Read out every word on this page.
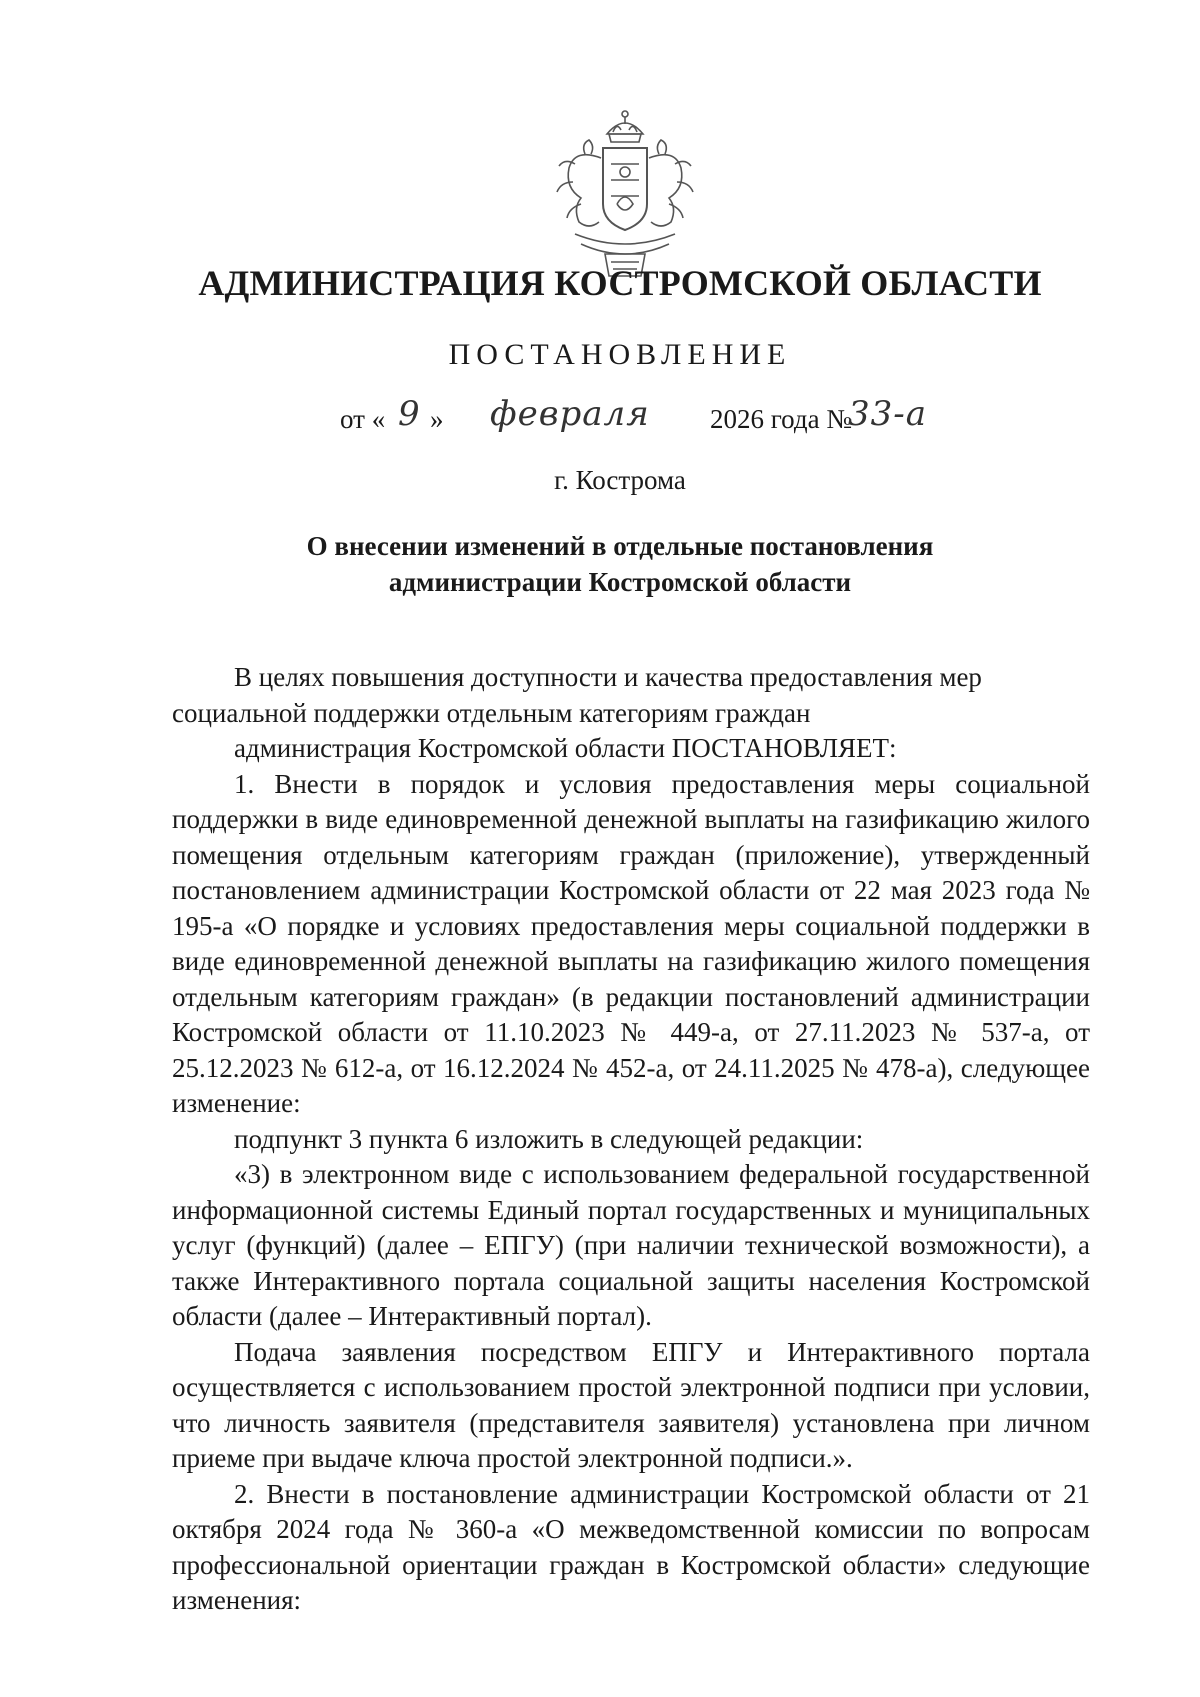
АДМИНИСТРАЦИЯ КОСТРОМСКОЙ ОБЛАСТИ
ПОСТАНОВЛЕНИЕ
от « 9 » февраля 2026 года №
33-а
г. Кострома
О внесении изменений в отдельные постановления
администрации Костромской области

В целях повышения доступности и качества предоставления мер социальной поддержки отдельным категориям граждан

администрация Костромской области ПОСТАНОВЛЯЕТ:

1. Внести в порядок и условия предоставления меры социальной поддержки в виде единовременной денежной выплаты на газификацию жилого помещения отдельным категориям граждан (приложение), утвержденный постановлением администрации Костромской области от 22 мая 2023 года № 195-а «О порядке и условиях предоставления меры социальной поддержки в виде единовременной денежной выплаты на газификацию жилого помещения отдельным категориям граждан» (в редакции постановлений администрации Костромской области от 11.10.2023 № 449-а, от 27.11.2023 № 537-а, от 25.12.2023 № 612-а, от 16.12.2024 № 452-а, от 24.11.2025 № 478-а), следующее изменение:

подпункт 3 пункта 6 изложить в следующей редакции:

«3) в электронном виде с использованием федеральной государственной информационной системы Единый портал государственных и муниципальных услуг (функций) (далее – ЕПГУ) (при наличии технической возможности), а также Интерактивного портала социальной защиты населения Костромской области (далее – Интерактивный портал).

Подача заявления посредством ЕПГУ и Интерактивного портала осуществляется с использованием простой электронной подписи при условии, что личность заявителя (представителя заявителя) установлена при личном приеме при выдаче ключа простой электронной подписи.».

2. Внести в постановление администрации Костромской области от 21 октября 2024 года № 360-а «О межведомственной комиссии по вопросам профессиональной ориентации граждан в Костромской области» следующие изменения:
